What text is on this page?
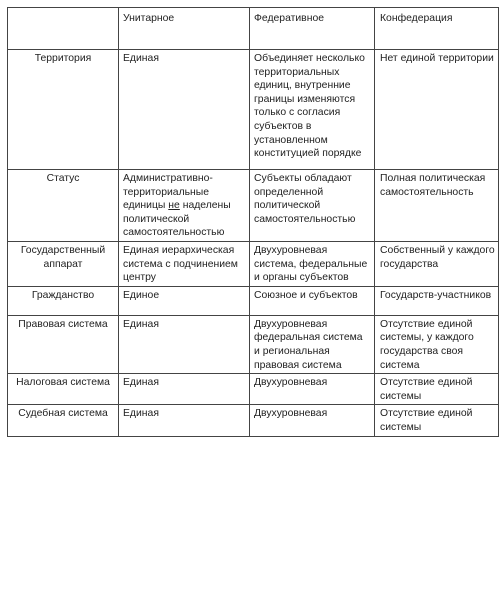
	Унитарное	Федеративное	Конфедерация
Территория	Единая	Объединяет несколько территориальных единиц, внутренние границы изменяются только с согласия субъектов в установленном конституцией порядке	Нет единой территории
Статус	Административно-территориальные единицы не наделены политической самостоятельностью	Субъекты обладают определенной политической самостоятельностью	Полная политическая самостоятельность
Государственный аппарат	Единая иерархическая система с подчинением центру	Двухуровневая система, федеральные и органы субъектов	Собственный у каждого государства
Гражданство	Единое	Союзное и субъектов	Государств-участников
Правовая система	Единая	Двухуровневая федеральная система и региональная правовая система	Отсутствие единой системы, у каждого государства своя система
Налоговая система	Единая	Двухуровневая	Отсутствие единой системы
Судебная система	Единая	Двухуровневая	Отсутствие единой системы
